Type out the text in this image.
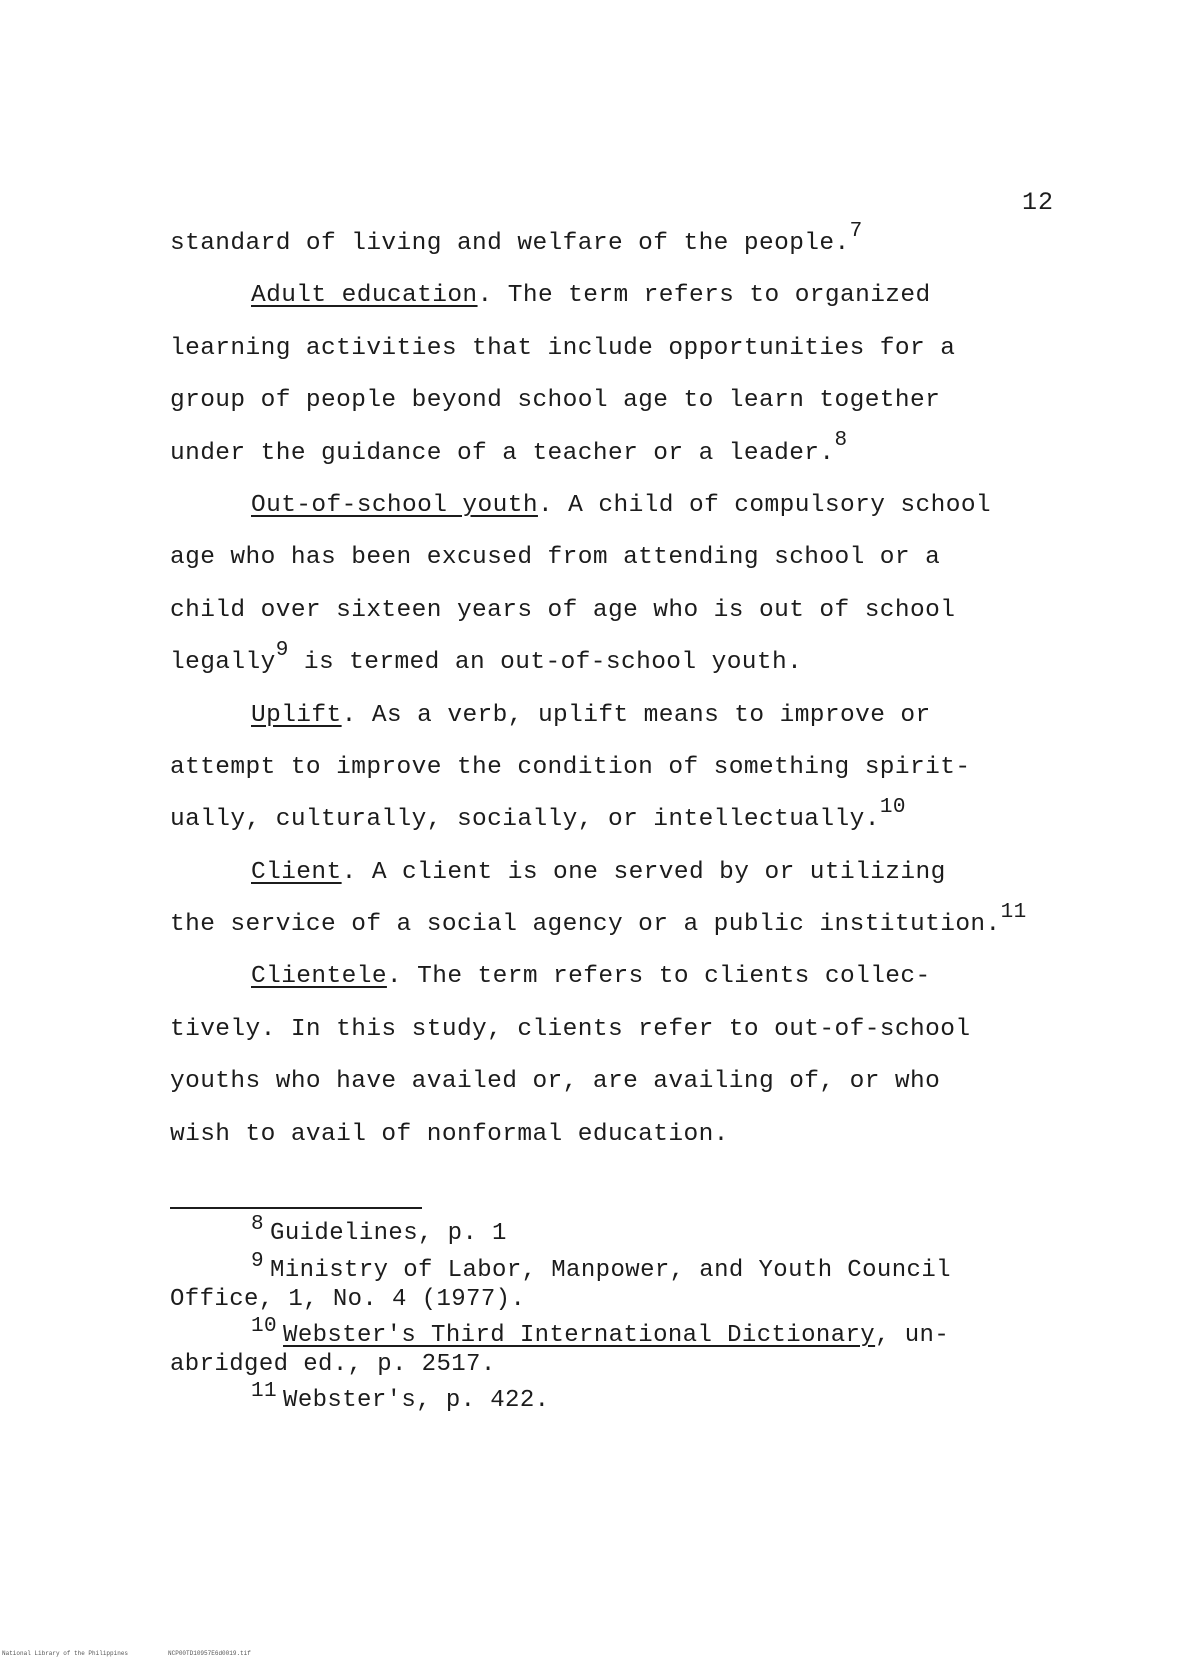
12
standard of living and welfare of the people.$^7$
Adult education. The term refers to organized
learning activities that include opportunities for a
group of people beyond school age to learn together
under the guidance of a teacher or a leader.$^8$
Out-of-school youth. A child of compulsory school
age who has been excused from attending school or a
child over sixteen years of age who is out of school
legally$^9$ is termed an out-of-school youth.
Uplift. As a verb, uplift means to improve or
attempt to improve the condition of something spirit-
ually, culturally, socially, or intellectually.$^{10}$
Client. A client is one served by or utilizing
the service of a social agency or a public institution.$^{11}$
Clientele. The term refers to clients collec-
tively. In this study, clients refer to out-of-school
youths who have availed or, are availing of, or who
wish to avail of nonformal education.
8 Guidelines, p. 1
9 Ministry of Labor, Manpower, and Youth Council
Office, 1, No. 4 (1977).
10 Webster's Third International Dictionary, un-
abridged ed., p. 2517.
11 Webster's, p. 422.
National Library of the Philippines	NCP00TD10957E6d0019.tif
